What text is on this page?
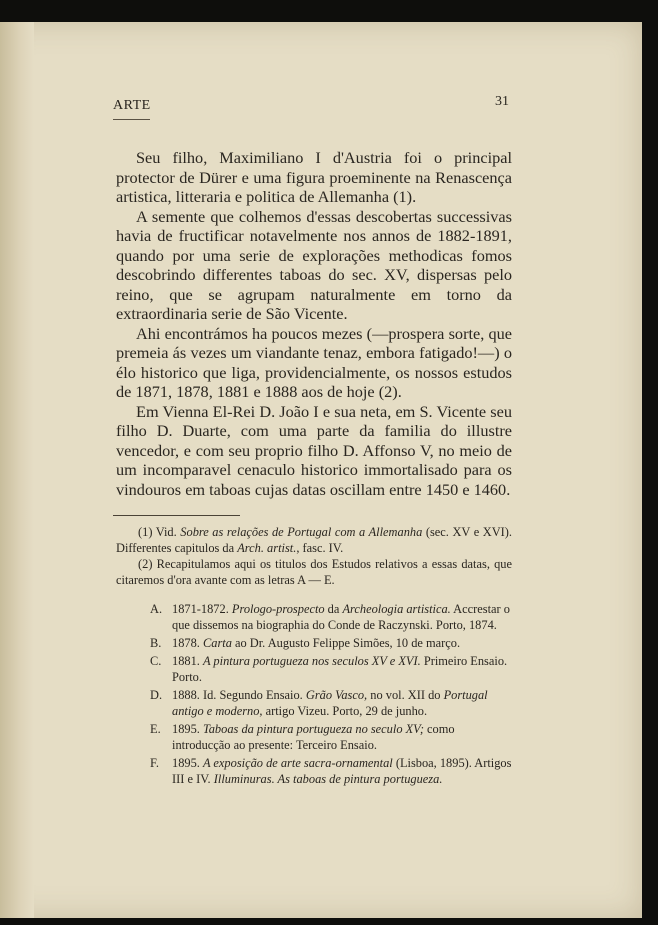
ARTE	31

Seu filho, Maximiliano I d'Austria foi o principal protector de Dürer e uma figura proeminente na Renascença artistica, litteraria e politica de Allemanha (1).

A semente que colhemos d'essas descobertas successivas havia de fructificar notavelmente nos annos de 1882-1891, quando por uma serie de explorações methodicas fomos descobrindo differentes taboas do sec. XV, dispersas pelo reino, que se agrupam naturalmente em torno da extraordinaria serie de São Vicente.

Ahi encontrámos ha poucos mezes (—prospera sorte, que premeia ás vezes um viandante tenaz, embora fatigado!—) o élo historico que liga, providencialmente, os nossos estudos de 1871, 1878, 1881 e 1888 aos de hoje (2).

Em Vienna El-Rei D. João I e sua neta, em S. Vicente seu filho D. Duarte, com uma parte da familia do illustre vencedor, e com seu proprio filho D. Affonso V, no meio de um incomparavel cenaculo historico immortalisado para os vindouros em taboas cujas datas oscillam entre 1450 e 1460.

(1) Vid. Sobre as relações de Portugal com a Allemanha (sec. XV e XVI). Differentes capitulos da Arch. artist., fasc. IV.

(2) Recapitulamos aqui os titulos dos Estudos relativos a essas datas, que citaremos d'ora avante com as letras A — E.

A. 1871-1872. Prologo-prospecto da Archeologia artistica. Accrestar o que dissemos na biographia do Conde de Raczynski. Porto, 1874.
B. 1878. Carta ao Dr. Augusto Felippe Simões, 10 de março.
C. 1881. A pintura portugueza nos seculos XV e XVI. Primeiro Ensaio. Porto.
D. 1888. Id. Segundo Ensaio. Grão Vasco, no vol. XII do Portugal antigo e moderno, artigo Vizeu. Porto, 29 de junho.
E. 1895. Taboas da pintura portugueza no seculo XV; como introducção ao presente: Terceiro Ensaio.
F. 1895. A exposição de arte sacra-ornamental (Lisboa, 1895). Artigos III e IV. Illuminuras. As taboas de pintura portugueza.
